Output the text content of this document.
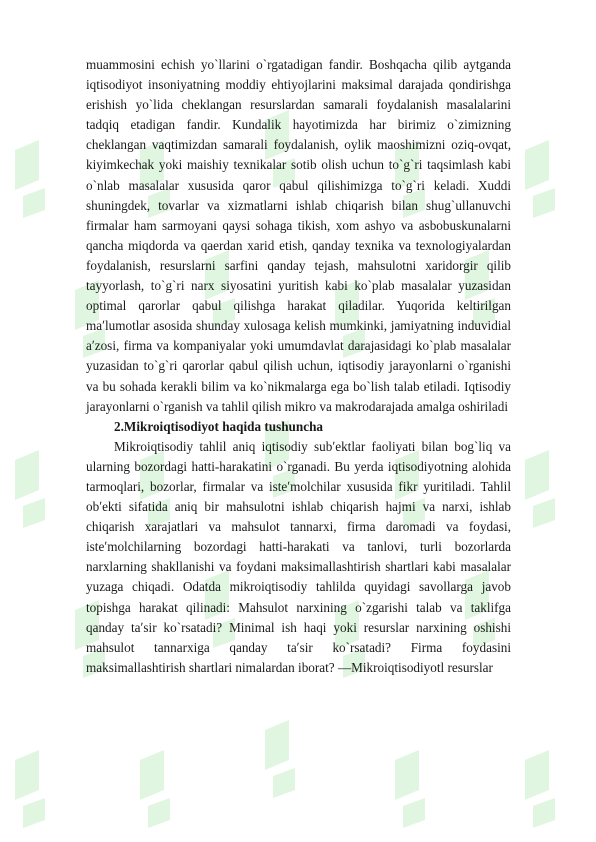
muammosini echish yo`llarini o`rgatadigan fandir. Boshqacha qilib aytganda iqtisodiyot insoniyatning moddiy ehtiyojlarini maksimal darajada qondirishga erishish yo`lida cheklangan resurslardan samarali foydalanish masalalarini tadqiq etadigan fandir. Kundalik hayotimizda har birimiz o`zimizning cheklangan vaqtimizdan samarali foydalanish, oylik maoshimizni oziq-ovqat, kiyimkechak yoki maishiy texnikalar sotib olish uchun to`g`ri taqsimlash kabi o`nlab masalalar xususida qaror qabul qilishimizga to`g`ri keladi. Xuddi shuningdek, tovarlar va xizmatlarni ishlab chiqarish bilan shug`ullanuvchi firmalar ham sarmoyani qaysi sohaga tikish, xom ashyo va asbobuskunalarni qancha miqdorda va qaerdan xarid etish, qanday texnika va texnologiyalardan foydalanish, resurslarni sarfini qanday tejash, mahsulotni xaridorgir qilib tayyorlash, to`g`ri narx siyosatini yuritish kabi ko`plab masalalar yuzasidan optimal qarorlar qabul qilishga harakat qiladilar. Yuqorida keltirilgan maʹlumotlar asosida shunday xulosaga kelish mumkinki, jamiyatning induvidial aʹzosi, firma va kompaniyalar yoki umumdavlat darajasidagi ko`plab masalalar yuzasidan to`g`ri qarorlar qabul qilish uchun, iqtisodiy jarayonlarni o`rganishi va bu sohada kerakli bilim va ko`nikmalarga ega bo`lish talab etiladi. Iqtisodiy jarayonlarni o`rganish va tahlil qilish mikro va makrodarajada amalga oshiriladi

2.Mikroiqtisodiyot haqida tushuncha

Mikroiqtisodiy tahlil aniq iqtisodiy subʹektlar faoliyati bilan bog`liq va ularning bozordagi hatti-harakatini o`rganadi. Bu yerda iqtisodiyotning alohida tarmoqlari, bozorlar, firmalar va isteʹmolchilar xususida fikr yuritiladi. Tahlil obʹekti sifatida aniq bir mahsulotni ishlab chiqarish hajmi va narxi, ishlab chiqarish xarajatlari va mahsulot tannarxi, firma daromadi va foydasi, isteʹmolchilarning bozordagi hatti-harakati va tanlovi, turli bozorlarda narxlarning shakllanishi va foydani maksimallashtirish shartlari kabi masalalar yuzaga chiqadi. Odatda mikroiqtisodiy tahlilda quyidagi savollarga javob topishga harakat qilinadi: Mahsulot narxining o`zgarishi talab va taklifga qanday taʹsir ko`rsatadi? Minimal ish haqi yoki resurslar narxining oshishi mahsulot tannarxiga qanday taʹsir ko`rsatadi? Firma foydasini maksimallashtirish shartlari nimalardan iborat? ―Mikroiqtisodiyotl resurslar
